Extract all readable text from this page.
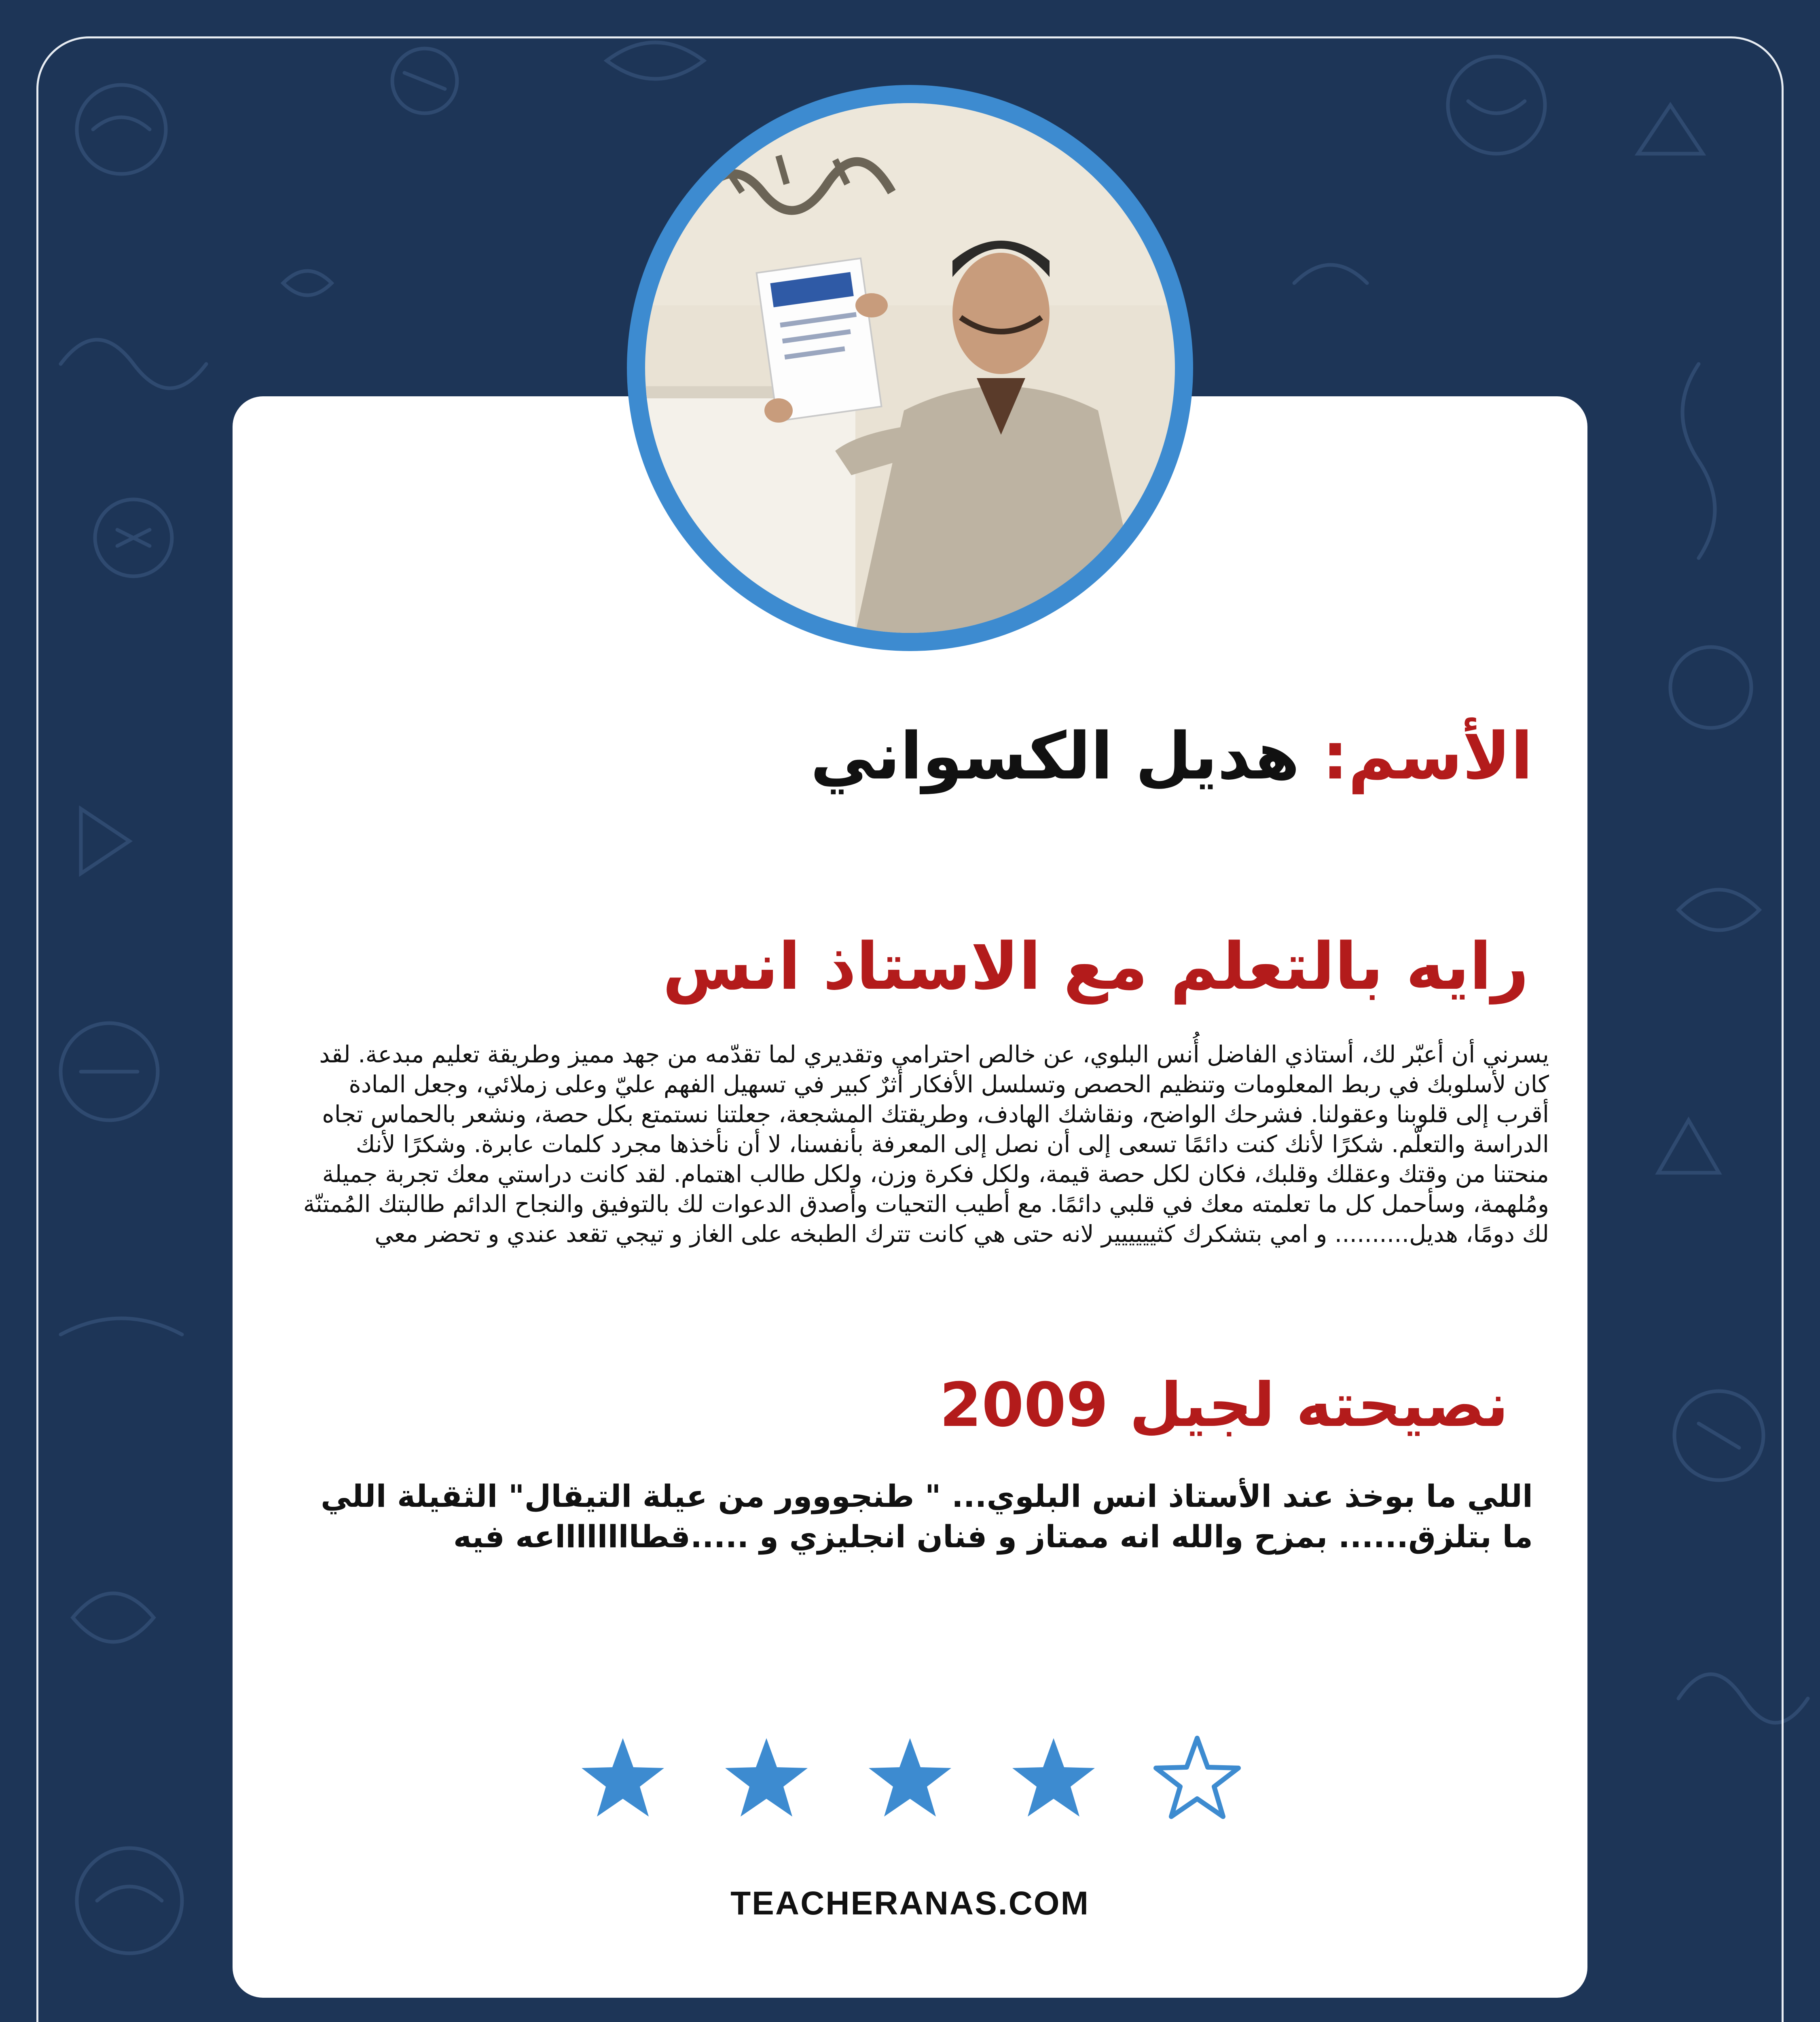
الأسم: هديل الكسواني
رايه بالتعلم مع الاستاذ انس
يسرني أن أعبّر لك، أستاذي الفاضل أُنس البلوي، عن خالص احترامي وتقديري لما تقدّمه من جهد مميز وطريقة تعليم مبدعة. لقد كان لأسلوبك في ربط المعلومات وتنظيم الحصص وتسلسل الأفكار أثرٌ كبير في تسهيل الفهم عليّ وعلى زملائي، وجعل المادة أقرب إلى قلوبنا وعقولنا. فشرحك الواضح، ونقاشك الهادف، وطريقتك المشجعة، جعلتنا نستمتع بكل حصة، ونشعر بالحماس تجاه الدراسة والتعلّم. شكرًا لأنك كنت دائمًا تسعى إلى أن نصل إلى المعرفة بأنفسنا، لا أن نأخذها مجرد كلمات عابرة. وشكرًا لأنك منحتنا من وقتك وعقلك وقلبك، فكان لكل حصة قيمة، ولكل فكرة وزن، ولكل طالب اهتمام. لقد كانت دراستي معك تجربة جميلة ومُلهمة، وسأحمل كل ما تعلمته معك في قلبي دائمًا. مع أطيب التحيات وأصدق الدعوات لك بالتوفيق والنجاح الدائم طالبتك المُمتنّة لك دومًا، هديل.......... و امي بتشكرك كثيييييير لانه حتى هي كانت تترك الطبخه على الغاز و تيجي تقعد عندي و تحضر معي
نصيحته لجيل 2009
اللي ما بوخذ عند الأستاذ انس البلوي... " طنجووور من عيلة التيقال" الثقيلة اللي ما بتلزق...... بمزح والله انه ممتاز و فنان انجليزي و .....قطااااااااعه فيه
TEACHERANAS.COM
